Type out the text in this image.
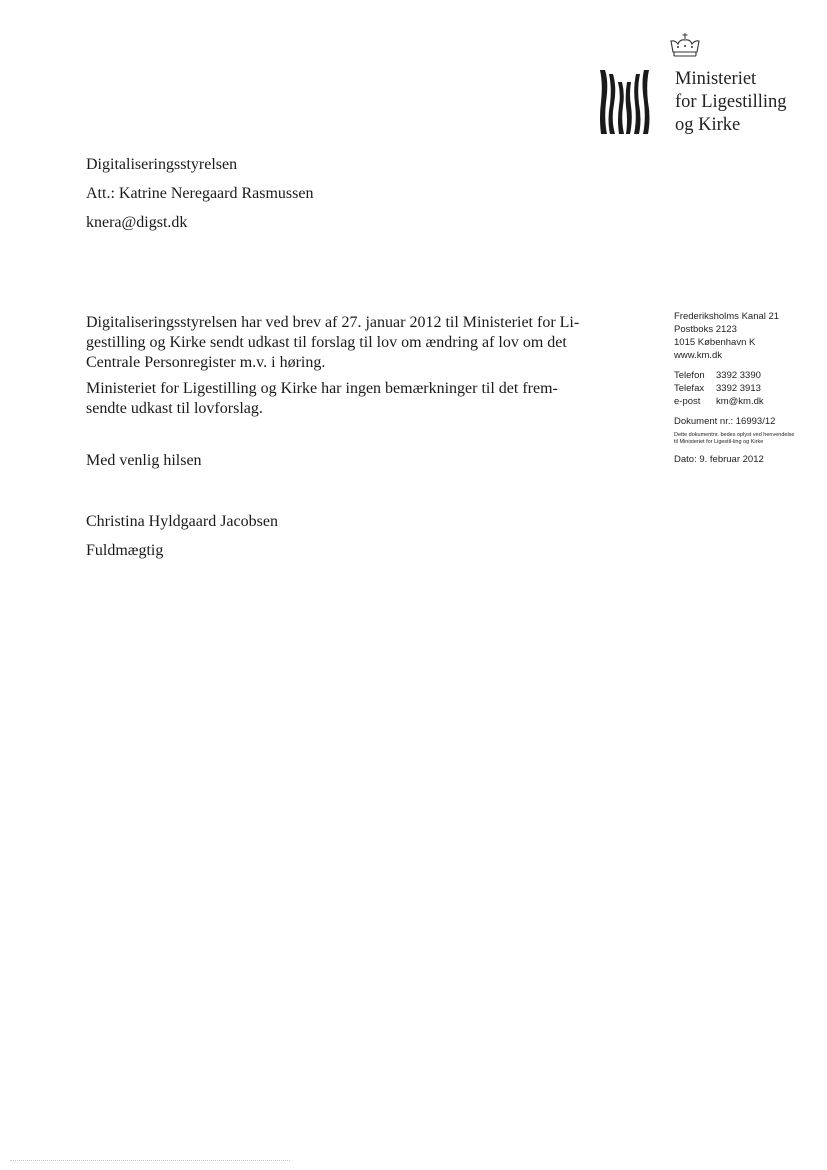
Ministeriet
for Ligestilling
og Kirke
Digitaliseringsstyrelsen
Att.: Katrine Neregaard Rasmussen
knera@digst.dk
Digitaliseringsstyrelsen har ved brev af 27. januar 2012 til Ministeriet for Li-
gestilling og Kirke sendt udkast til forslag til lov om ændring af lov om det
Centrale Personregister m.v. i høring.
Ministeriet for Ligestilling og Kirke har ingen bemærkninger til det frem-
sendte udkast til lovforslag.
Med venlig hilsen
Christina Hyldgaard Jacobsen
Fuldmægtig
Frederiksholms Kanal 21
Postboks 2123
1015 København K
www.km.dk
Telefon 3392 3390
Telefax 3392 3913
e-post km@km.dk
Dokument nr.: 16993/12
Dette dokumentnr. bedes oplyst ved henvendelse til Ministeriet for Ligestil-ling og Kirke
Dato: 9. februar 2012
